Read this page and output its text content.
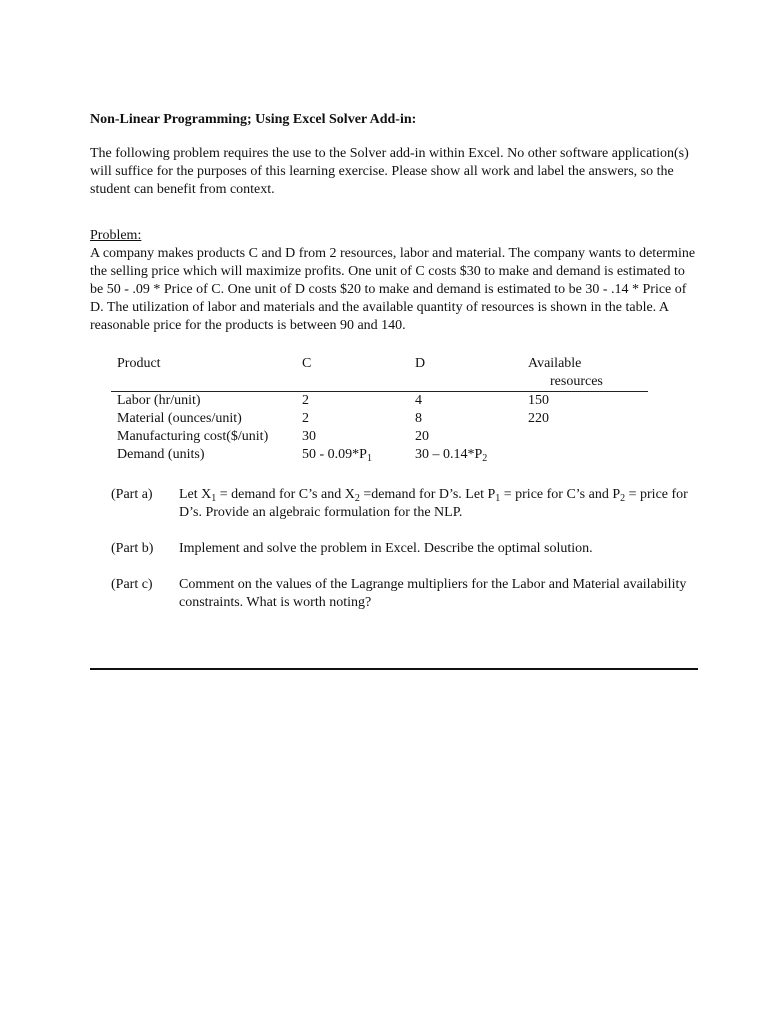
Non-Linear Programming; Using Excel Solver Add-in:

The following problem requires the use to the Solver add-in within Excel. No other software application(s) will suffice for the purposes of this learning exercise. Please show all work and label the answers, so the student can benefit from context.

Problem:

A company makes products C and D from 2 resources, labor and material. The company wants to determine the selling price which will maximize profits. One unit of C costs $30 to make and demand is estimated to be 50 - .09 * Price of C. One unit of D costs $20 to make and demand is estimated to be 30 - .14 * Price of D. The utilization of labor and materials and the available quantity of resources is shown in the table. A reasonable price for the products is between 90 and 140.

Product	C	D	Available
resources
Labor (hr/unit)	2	4	150
Material (ounces/unit)	2	8	220
Manufacturing cost($/unit) 30	20
Demand (units)	$50 - 0.09*P_1$	$30 - 0.14*P_2$
(Part a) Let $X_1$ = demand for C’s and $X_2$ =demand for D’s. Let $P_1$ = price for C’s and $P_2$ = price for D’s. Provide an algebraic formulation for the NLP.
(Part b) Implement and solve the problem in Excel. Describe the optimal solution.
(Part c) Comment on the values of the Lagrange multipliers for the Labor and Material availability constraints. What is worth noting?
